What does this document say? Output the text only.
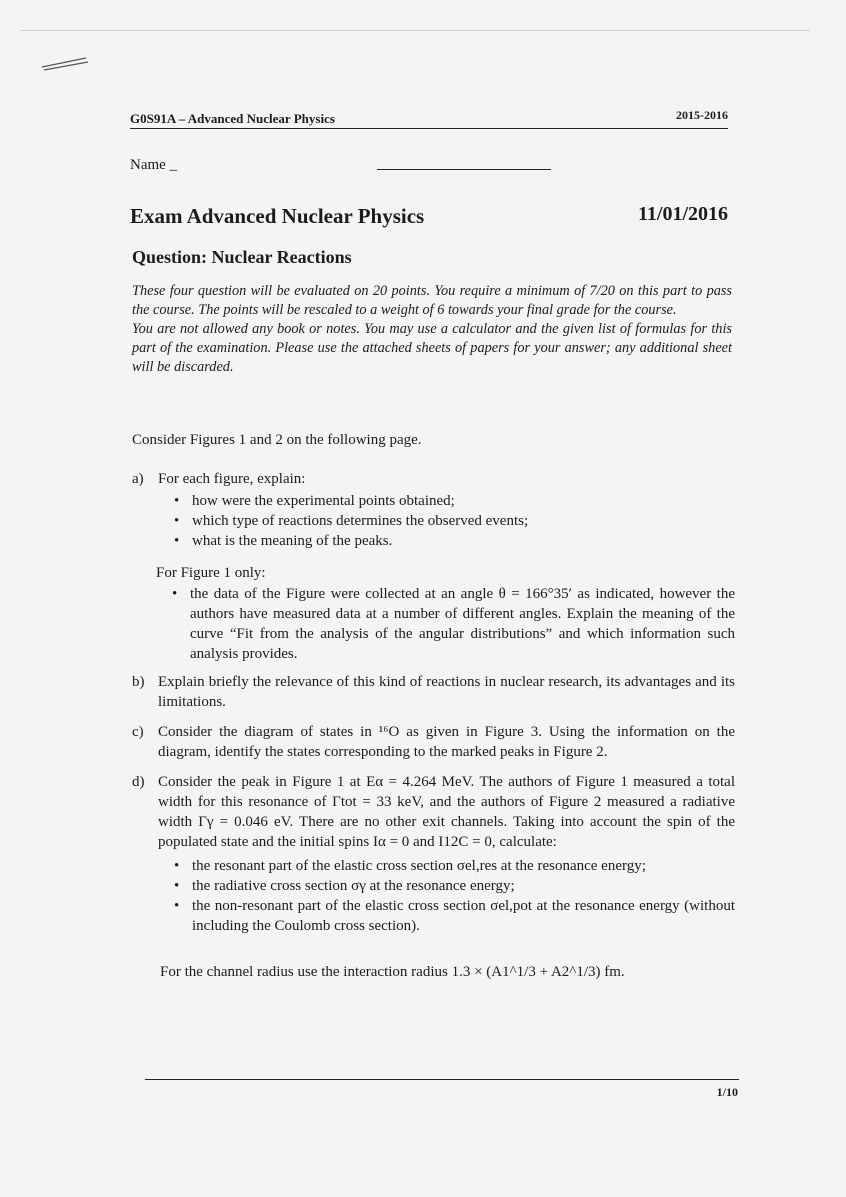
G0S91A – Advanced Nuclear Physics	2015-2016
Name _
Exam Advanced Nuclear Physics	11/01/2016
Question: Nuclear Reactions

These four question will be evaluated on 20 points. You require a minimum of 7/20 on this part to pass the course. The points will be rescaled to a weight of 6 towards your final grade for the course.

You are not allowed any book or notes. You may use a calculator and the given list of formulas for this part of the examination. Please use the attached sheets of papers for your answer; any additional sheet will be discarded.

Consider Figures 1 and 2 on the following page.
a) For each figure, explain:
• how were the experimental points obtained;
• which type of reactions determines the observed events;
• what is the meaning of the peaks.
For Figure 1 only:
• the data of the Figure were collected at an angle θ = 166°35′ as indicated, however the authors have measured data at a number of different angles. Explain the meaning of the curve “Fit from the analysis of the angular distributions” and which information such analysis provides.
b) Explain briefly the relevance of this kind of reactions in nuclear research, its advantages and its limitations.
c) Consider the diagram of states in ¹⁶O as given in Figure 3. Using the information on the diagram, identify the states corresponding to the marked peaks in Figure 2.
d) Consider the peak in Figure 1 at Eα = 4.264 MeV. The authors of Figure 1 measured a total width for this resonance of Γtot = 33 keV, and the authors of Figure 2 measured a radiative width Γγ = 0.046 eV. There are no other exit channels. Taking into account the spin of the populated state and the initial spins Iα = 0 and I12C = 0, calculate:
• the resonant part of the elastic cross section σel,res at the resonance energy;
• the radiative cross section σγ at the resonance energy;
• the non-resonant part of the elastic cross section σel,pot at the resonance energy (without including the Coulomb cross section).
For the channel radius use the interaction radius 1.3 × (A1^1/3 + A2^1/3) fm.
1/10
